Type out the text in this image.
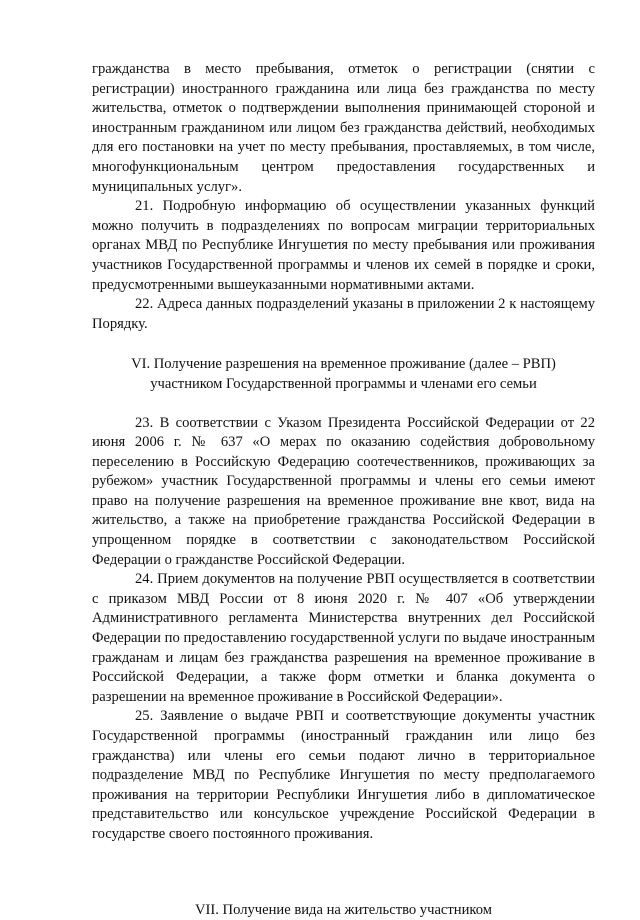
гражданства в место пребывания, отметок о регистрации (снятии с регистрации) иностранного гражданина или лица без гражданства по месту жительства, отметок о подтверждении выполнения принимающей стороной и иностранным гражданином или лицом без гражданства действий, необходимых для его постановки на учет по месту пребывания, проставляемых, в том числе, многофункциональным центром предоставления государственных и муниципальных услуг».

21. Подробную информацию об осуществлении указанных функций можно получить в подразделениях по вопросам миграции территориальных органах МВД по Республике Ингушетия по месту пребывания или проживания участников Государственной программы и членов их семей в порядке и сроки, предусмотренными вышеуказанными нормативными актами.

22. Адреса данных подразделений указаны в приложении 2 к настоящему Порядку.

VI. Получение разрешения на временное проживание (далее – РВП)

участником Государственной программы и членами его семьи

23. В соответствии с Указом Президента Российской Федерации от 22 июня 2006 г. № 637 «О мерах по оказанию содействия добровольному переселению в Российскую Федерацию соотечественников, проживающих за рубежом» участник Государственной программы и члены его семьи имеют право на получение разрешения на временное проживание вне квот, вида на жительство, а также на приобретение гражданства Российской Федерации в упрощенном порядке в соответствии с законодательством Российской Федерации о гражданстве Российской Федерации.

24. Прием документов на получение РВП осуществляется в соответствии с приказом МВД России от 8 июня 2020 г. № 407 «Об утверждении Административного регламента Министерства внутренних дел Российской Федерации по предоставлению государственной услуги по выдаче иностранным гражданам и лицам без гражданства разрешения на временное проживание в Российской Федерации, а также форм отметки и бланка документа о разрешении на временное проживание в Российской Федерации».

25. Заявление о выдаче РВП и соответствующие документы участник Государственной программы (иностранный гражданин или лицо без гражданства) или члены его семьи подают лично в территориальное подразделение МВД по Республике Ингушетия по месту предполагаемого проживания на территории Республики Ингушетия либо в дипломатическое представительство или консульское учреждение Российской Федерации в государстве своего постоянного проживания.

VII. Получение вида на жительство участником
